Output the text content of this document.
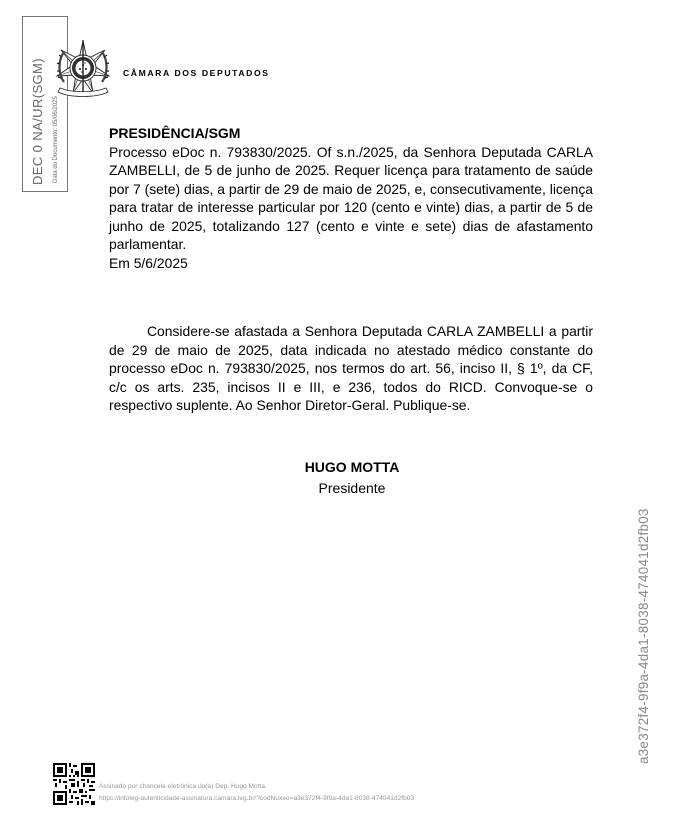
DEC 0 NA/UR(SGM) Data do Documento: 05/06/2025
CÂMARA DOS DEPUTADOS

PRESIDÊNCIA/SGM

Processo eDoc n. 793830/2025. Of s.n./2025, da Senhora Deputada CARLA ZAMBELLI, de 5 de junho de 2025. Requer licença para tratamento de saúde por 7 (sete) dias, a partir de 29 de maio de 2025, e, consecutivamente, licença para tratar de interesse particular por 120 (cento e vinte) dias, a partir de 5 de junho de 2025, totalizando 127 (cento e vinte e sete) dias de afastamento parlamentar.

Em 5/6/2025

Considere-se afastada a Senhora Deputada CARLA ZAMBELLI a partir de 29 de maio de 2025, data indicada no atestado médico constante do processo eDoc n. 793830/2025, nos termos do art. 56, inciso II, § 1º, da CF, c/c os arts. 235, incisos II e III, e 236, todos do RICD. Convoque-se o respectivo suplente. Ao Senhor Diretor-Geral. Publique-se.

HUGO MOTTA
Presidente
a3e372f4-9f9a-4da1-8038-474041d2fb03
Assinado por chancela eletrônica do(a) Dep. Hugo Motta.
https://infoleg-autenticidade-assinatura.camara.leg.br/?codNuxeo=a3e372f4-9f9a-4da1-8038-474041d2fb03
